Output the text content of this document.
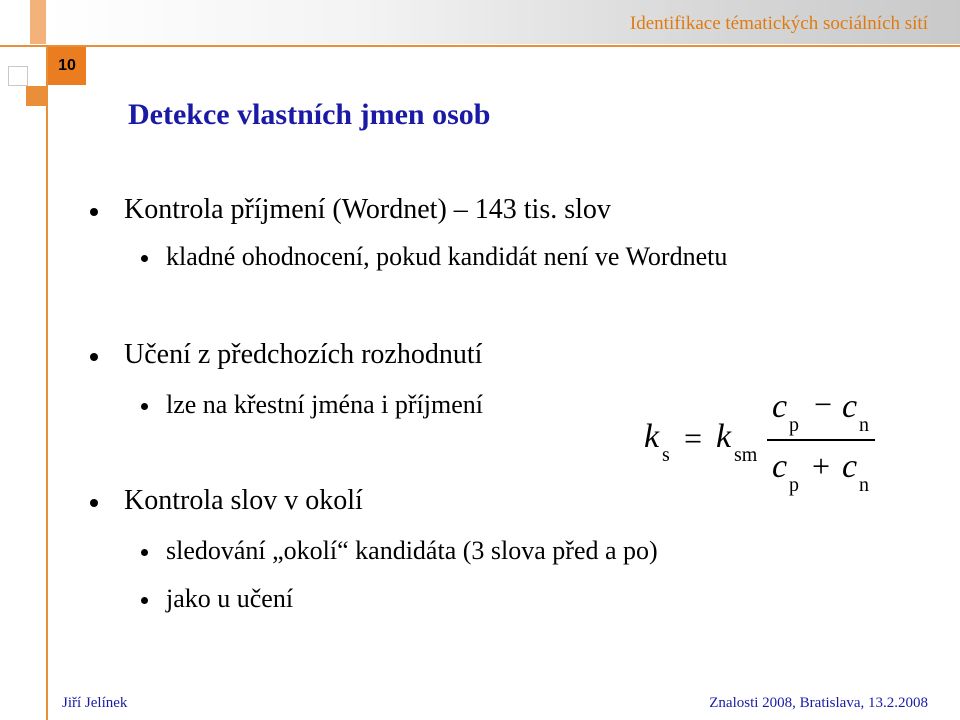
Identifikace tématických sociálních sítí
10
Detekce vlastních jmen osob
Kontrola příjmení (Wordnet) – 143 tis. slov
kladné ohodnocení, pokud kandidát není ve Wordnetu
Učení z předchozích rozhodnutí
lze na křestní jména i příjmení
Kontrola slov v okolí
sledování „okolí“ kandidáta (3 slova před a po)
jako u učení
k s = k sm
c p
− c n
c p
+ c n
Jiří Jelínek	Znalosti 2008, Bratislava, 13.2.2008
